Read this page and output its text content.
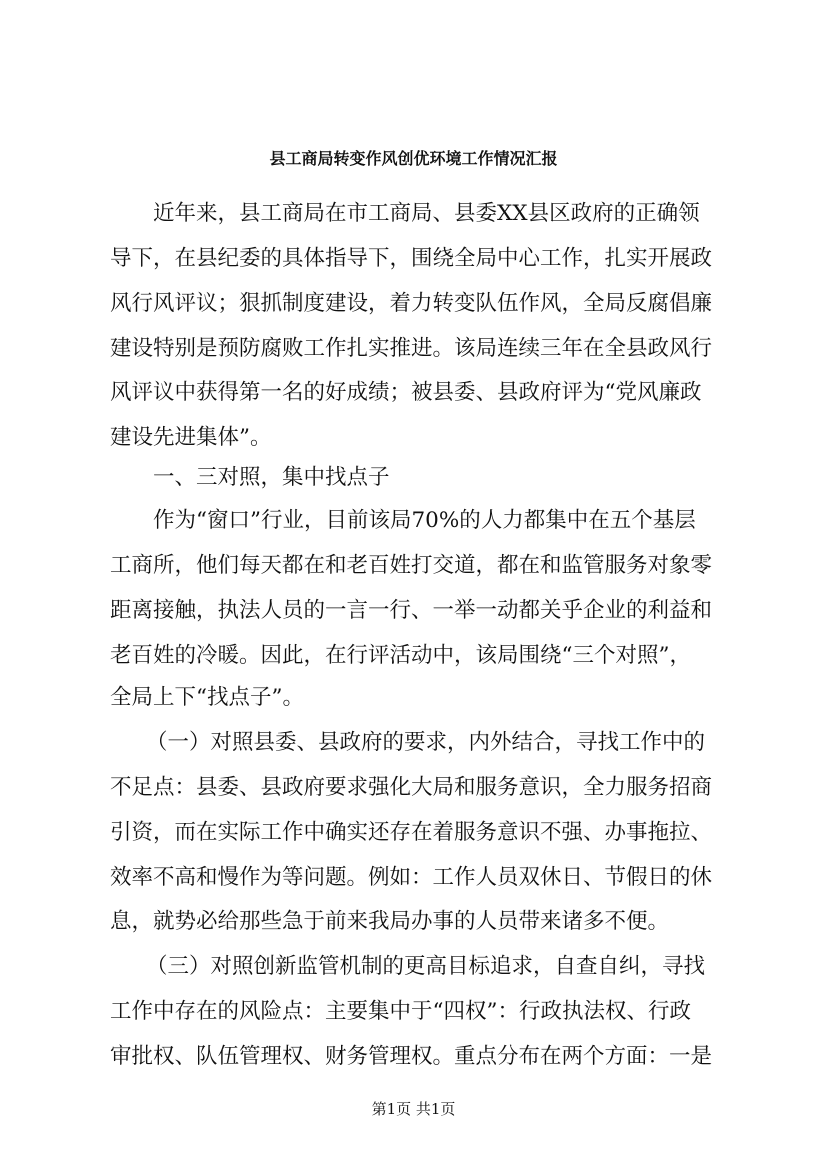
县工商局转变作风创优环境工作情况汇报
近年来，县工商局在市工商局、县委XX县区政府的正确领
导下，在县纪委的具体指导下，围绕全局中心工作，扎实开展政
风行风评议；狠抓制度建设，着力转变队伍作风，全局反腐倡廉
建设特别是预防腐败工作扎实推进。该局连续三年在全县政风行
风评议中获得第一名的好成绩；被县委、县政府评为“党风廉政
建设先进集体”。
一、三对照，集中找点子
作为“窗口”行业，目前该局70%的人力都集中在五个基层
工商所，他们每天都在和老百姓打交道，都在和监管服务对象零
距离接触，执法人员的一言一行、一举一动都关乎企业的利益和
老百姓的冷暖。因此，在行评活动中，该局围绕“三个对照”，
全局上下“找点子”。
（一）对照县委、县政府的要求，内外结合，寻找工作中的
不足点：县委、县政府要求强化大局和服务意识，全力服务招商
引资，而在实际工作中确实还存在着服务意识不强、办事拖拉、
效率不高和慢作为等问题。例如：工作人员双休日、节假日的休
息，就势必给那些急于前来我局办事的人员带来诸多不便。
（三）对照创新监管机制的更高目标追求，自查自纠，寻找
工作中存在的风险点：主要集中于“四权”：行政执法权、行政
审批权、队伍管理权、财务管理权。重点分布在两个方面：一是
第1页 共1页
